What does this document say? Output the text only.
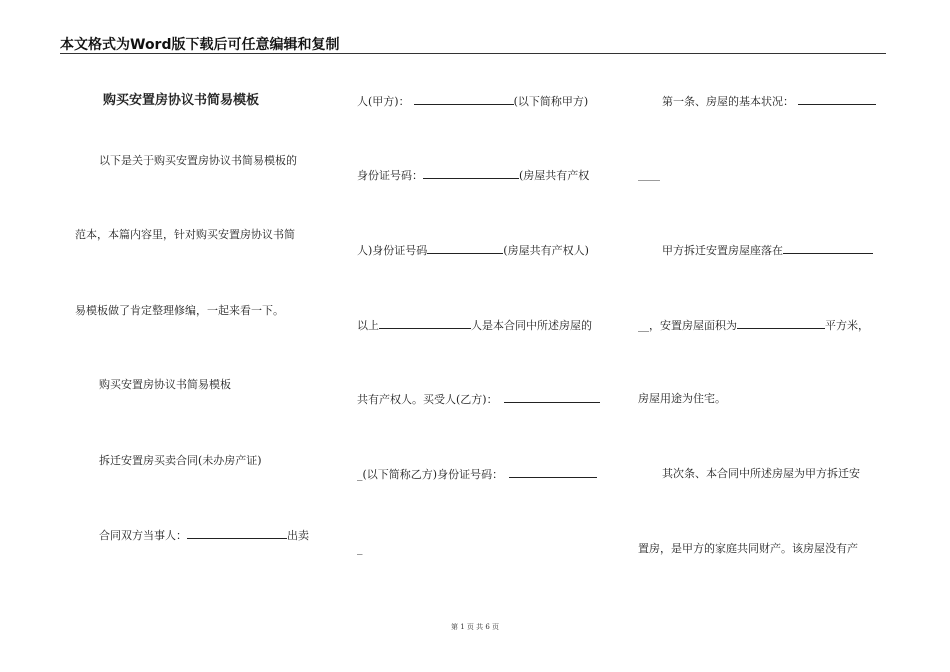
本文格式为Word版下载后可任意编辑和复制
购买安置房协议书简易模板
以下是关于购买安置房协议书简易模板的
范本，本篇内容里，针对购买安置房协议书简
易模板做了肯定整理修编，一起来看一下。
购买安置房协议书简易模板
拆迁安置房买卖合同(未办房产证)
合同双方当事人：	出卖
人(甲方)：	(以下简称甲方)
身份证号码：	(房屋共有产权
人)身份证号码	(房屋共有产权人)
以上	人是本合同中所述房屋的
共有产权人。买受人(乙方)：
_(以下简称乙方)身份证号码：
_
第一条、房屋的基本状况：
____
甲方拆迁安置房屋座落在
__，安置房屋面积为	平方米，
房屋用途为住宅。
其次条、本合同中所述房屋为甲方拆迁安
置房，是甲方的家庭共同财产。该房屋没有产
第 1 页 共 6 页
